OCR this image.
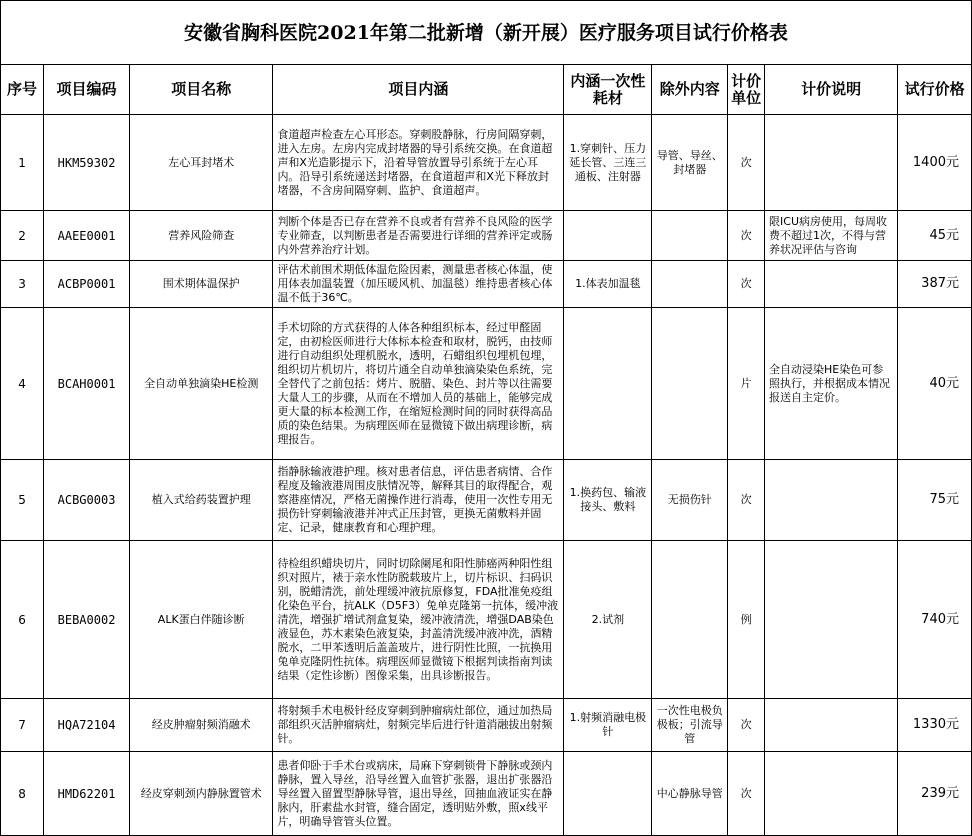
安徽省胸科医院2021年第二批新增（新开展）医疗服务项目试行价格表
序号	项目编码	项目名称	项目内涵	内涵一次性耗材	除外内容	计价单位	计价说明	试行价格
1	HKM59302	左心耳封堵术	食道超声检查左心耳形态。穿刺股静脉，行房间隔穿刺，进入左房。左房内完成封堵器的导引系统交换。在食道超声和X光造影提示下，沿着导管放置导引系统于左心耳内。沿导引系统递送封堵器，在食道超声和X光下释放封堵器，不含房间隔穿刺、监护、食道超声。	1.穿刺针、压力延长管、三连三通板、注射器	导管、导丝、封堵器	次		1400元
2	AAEE0001	营养风险筛查	判断个体是否已存在营养不良或者有营养不良风险的医学专业筛查，以判断患者是否需要进行详细的营养评定或肠内外营养治疗计划。			次	限ICU病房使用，每周收费不超过1次，不得与营养状况评估与咨询	45元
3	ACBP0001	围术期体温保护	评估术前围术期低体温危险因素，测量患者核心体温，使用体表加温装置（加压暖风机、加温毯）维持患者核心体温不低于36℃。	1.体表加温毯		次		387元
4	BCAH0001	全自动单独滴染HE检测	手术切除的方式获得的人体各种组织标本，经过甲醛固定，由初检医师进行大体标本检查和取材，脱钙，由技师进行自动组织处理机脱水，透明，石蜡组织包埋机包埋，组织切片机切片，将切片通全自动单独滴染染色系统，完全替代了之前包括：烤片、脱腊、染色、封片等以往需要大量人工的步骤，从而在不增加人员的基础上，能够完成更大量的标本检测工作，在缩短检测时间的同时获得高品质的染色结果。为病理医师在显微镜下做出病理诊断，病理报告。			片	全自动浸染HE染色可参照执行，并根据成本情况报送自主定价。	40元
5	ACBG0003	植入式给药装置护理	指静脉输液港护理。核对患者信息，评估患者病情、合作程度及输液港周围皮肤情况等，解释其目的取得配合，观察港座情况，严格无菌操作进行消毒，使用一次性专用无损伤针穿刺输液港并冲式正压封管，更换无菌敷料并固定、记录，健康教育和心理护理。	1.换药包、输液接头、敷料	无损伤针	次		75元
6	BEBA0002	ALK蛋白伴随诊断	待检组织蜡块切片，同时切除阑尾和阳性肺癌两种阳性组织对照片，裱于亲水性防脱载玻片上，切片标识、扫码识别，脱蜡清洗，前处理缓冲液抗原修复，FDA批准免疫组化染色平台，抗ALK（D5F3）兔单克隆第一抗体，缓冲液清洗，增强扩增试剂盒复染，缓冲液清洗，增强DAB染色液显色，苏木素染色液复染，封盖清洗缓冲液冲洗，酒精脱水，二甲苯透明后盖盖玻片，进行阴性比照，一抗换用兔单克隆阴性抗体。病理医师显微镜下根据判读指南判读结果（定性诊断）图像采集，出具诊断报告。	2.试剂		例		740元
7	HQA72104	经皮肿瘤射频消融术	将射频手术电极针经皮穿刺到肿瘤病灶部位，通过加热局部组织灭活肿瘤病灶，射频完毕后进行针道消融拔出射频针。	1.射频消融电极针	一次性电极负极板；引流导管	次		1330元
8	HMD62201	经皮穿刺颈内静脉置管术	患者仰卧于手术台或病床，局麻下穿刺锁骨下静脉或颈内静脉，置入导丝，沿导丝置入血管扩张器，退出扩张器沿导丝置入留置型静脉导管，退出导丝，回抽血液证实在静脉内，肝素盐水封管，缝合固定，透明贴外敷，照x线平片，明确导管管头位置。		中心静脉导管	次		239元
